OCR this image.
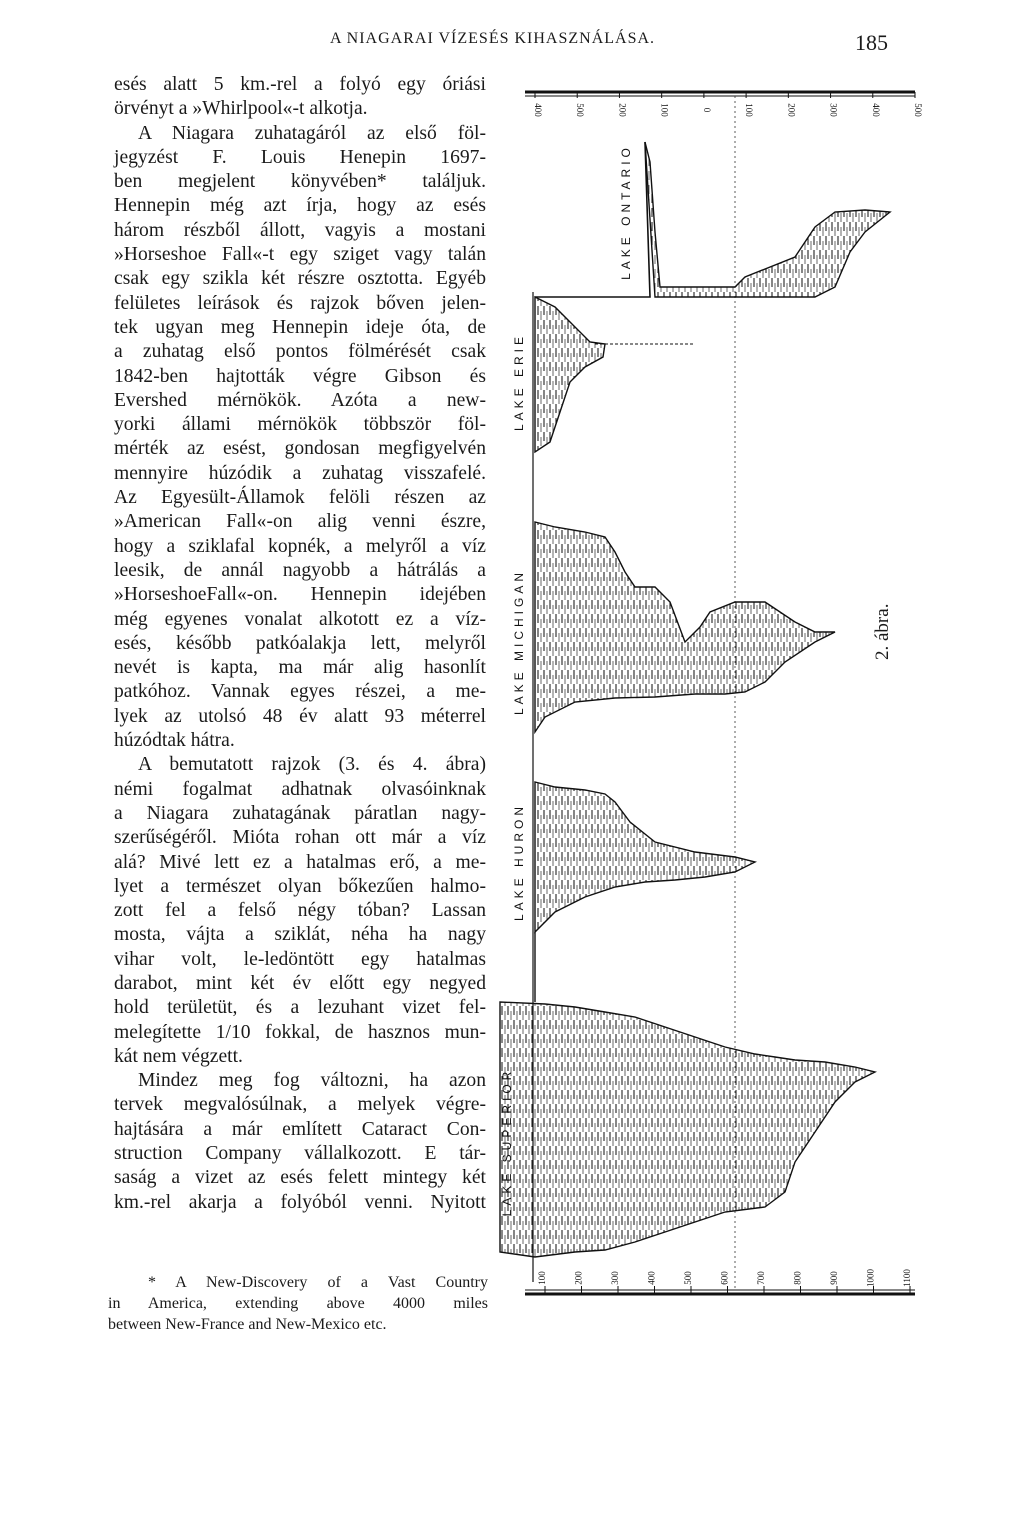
A NIAGARAI VÍZESÉS KIHASZNÁLÁSA.	185
esés alatt 5 km.-rel a folyó egy óriási
örvényt a »Whirlpool«-t alkotja.
A Niagara zuhatagáról az első föl-
jegyzést F. Louis Henepin 1697-
ben megjelent könyvében* találjuk.
Hennepin még azt írja, hogy az esés
három részből állott, vagyis a mostani
»Horseshoe Fall«-t egy sziget vagy talán
csak egy szikla két részre osztotta. Egyéb
felületes leírások és rajzok bőven jelen-
tek ugyan meg Hennepin ideje óta, de
a zuhatag első pontos fölmérését csak
1842-ben hajtották végre Gibson és
Evershed mérnökök. Azóta a new-
yorki állami mérnökök többször föl-
mérték az esést, gondosan megfigyelvén
mennyire húzódik a zuhatag visszafelé.
Az Egyesült-Államok felöli részen az
»American Fall«-on alig venni észre,
hogy a sziklafal kopnék, a melyről a víz
leesik, de annál nagyobb a hátrálás a
»HorseshoeFall«-on. Hennepin idejében
még egyenes vonalat alkotott ez a víz-
esés, később patkóalakja lett, melyről
nevét is kapta, ma már alig hasonlít
patkóhoz. Vannak egyes részei, a me-
lyek az utolsó 48 év alatt 93 méterrel
húzódtak hátra.
A bemutatott rajzok (3. és 4. ábra)
némi fogalmat adhatnak olvasóinknak
a Niagara zuhatagának páratlan nagy-
szerűségéről. Mióta rohan ott már a víz
alá? Mivé lett ez a hatalmas erő, a me-
lyet a természet olyan bőkezűen halmo-
zott fel a felső négy tóban? Lassan
mosta, vájta a sziklát, néha ha nagy
vihar volt, le-ledöntött egy hatalmas
darabot, mint két év előtt egy negyed
hold területüt, és a lezuhant vizet fel-
melegítette 1/10 fokkal, de hasznos mun-
kát nem végzett.
Mindez meg fog változni, ha azon
tervek megvalósúlnak, a melyek végre-
hajtására a már említett Cataract Con-
struction Company vállalkozott. E tár-
saság a vizet az esés felett mintegy két
km.-rel akarja a folyóból venni. Nyitott
* A New-Discovery of a Vast Country
in America, extending above 4000 miles
between New-France and New-Mexico etc.
400	500	200	100	0	100	200	300	400	500
100	200	300	400	500	600	700	800	900	1000	1100
LAKE ONTARIO
LAKE ERIE
LAKE MICHIGAN
LAKE HURON
LAKE SUPERIOR
2. ábra.
